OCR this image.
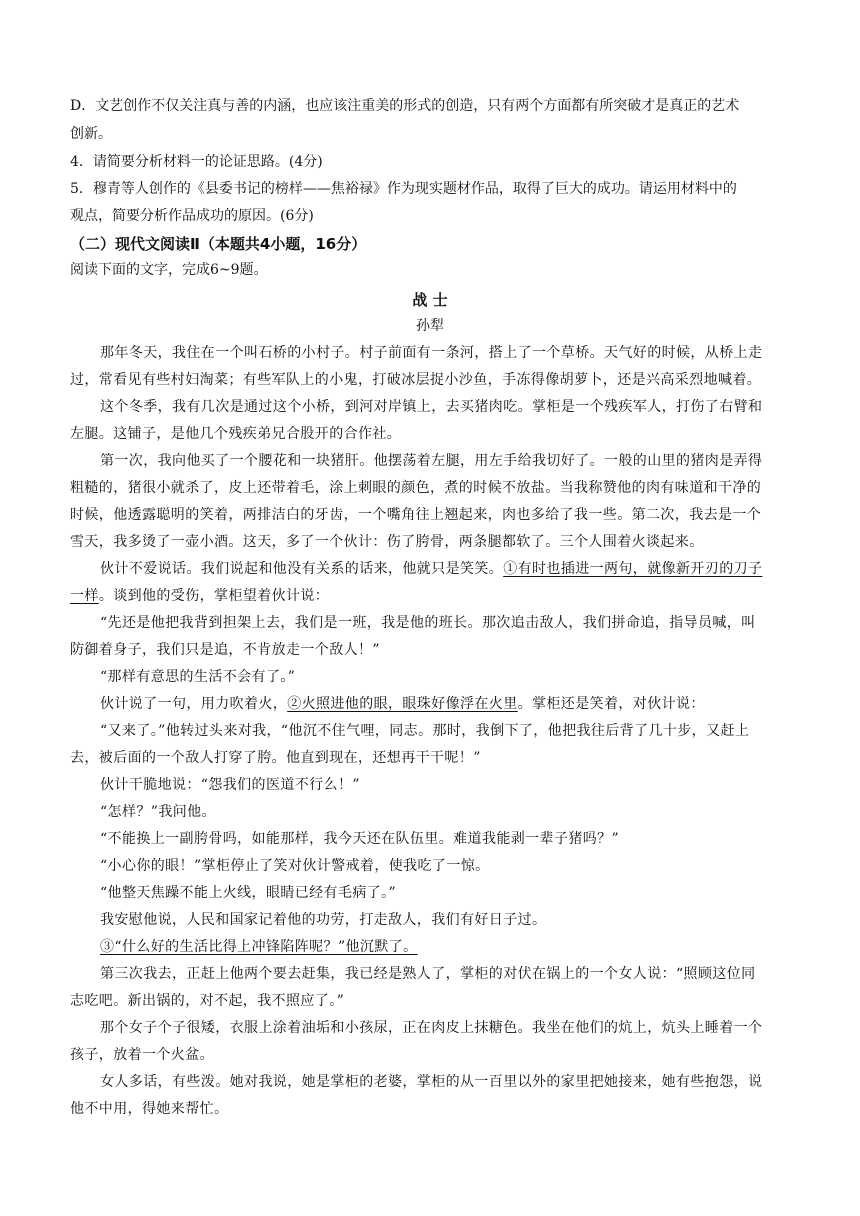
D．文艺创作不仅关注真与善的内涵，也应该注重美的形式的创造，只有两个方面都有所突破才是真正的艺术
创新。
4．请简要分析材料一的论证思路。(4分)
5．穆青等人创作的《县委书记的榜样——焦裕禄》作为现实题材作品，取得了巨大的成功。请运用材料中的
观点，简要分析作品成功的原因。(6分)
（二）现代文阅读Ⅱ（本题共4小题，16分）
阅读下面的文字，完成6~9题。
战 士
孙犁
那年冬天，我住在一个叫石桥的小村子。村子前面有一条河，搭上了一个草桥。天气好的时候，从桥上走
过，常看见有些村妇淘菜；有些军队上的小鬼，打破冰层捉小沙鱼，手冻得像胡萝卜，还是兴高采烈地喊着。
这个冬季，我有几次是通过这个小桥，到河对岸镇上，去买猪肉吃。掌柜是一个残疾军人，打伤了右臂和
左腿。这铺子，是他几个残疾弟兄合股开的合作社。
第一次，我向他买了一个腰花和一块猪肝。他摆荡着左腿，用左手给我切好了。一般的山里的猪肉是弄得
粗糙的，猪很小就杀了，皮上还带着毛，涂上刺眼的颜色，煮的时候不放盐。当我称赞他的肉有味道和干净的
时候，他透露聪明的笑着，两排洁白的牙齿，一个嘴角往上翘起来，肉也多给了我一些。第二次，我去是一个
雪天，我多烫了一壶小酒。这天，多了一个伙计：伤了胯骨，两条腿都软了。三个人围着火谈起来。
伙计不爱说话。我们说起和他没有关系的话来，他就只是笑笑。①有时也插进一两句，就像新开刃的刀子
一样。谈到他的受伤，掌柜望着伙计说：
“先还是他把我背到担架上去，我们是一班，我是他的班长。那次追击敌人，我们拼命追，指导员喊，叫
防御着身子，我们只是追，不肯放走一个敌人！”
“那样有意思的生活不会有了。”
伙计说了一句，用力吹着火，②火照进他的眼，眼珠好像浮在火里。掌柜还是笑着，对伙计说：
“又来了。”他转过头来对我，“他沉不住气哩，同志。那时，我倒下了，他把我往后背了几十步，又赶上
去，被后面的一个敌人打穿了胯。他直到现在，还想再干干呢！”
伙计干脆地说：“怨我们的医道不行么！”
“怎样？”我问他。
“不能换上一副胯骨吗，如能那样，我今天还在队伍里。难道我能剥一辈子猪吗？”
“小心你的眼！”掌柜停止了笑对伙计警戒着，使我吃了一惊。
“他整天焦躁不能上火线，眼睛已经有毛病了。”
我安慰他说，人民和国家记着他的功劳，打走敌人，我们有好日子过。
③“什么好的生活比得上冲锋陷阵呢？”他沉默了。
第三次我去，正赶上他两个要去赶集，我已经是熟人了，掌柜的对伏在锅上的一个女人说：“照顾这位同
志吃吧。新出锅的，对不起，我不照应了。”
那个女子个子很矮，衣服上涂着油垢和小孩尿，正在肉皮上抹糖色。我坐在他们的炕上，炕头上睡着一个
孩子，放着一个火盆。
女人多话，有些泼。她对我说，她是掌柜的老婆，掌柜的从一百里以外的家里把她接来，她有些抱怨，说
他不中用，得她来帮忙。
